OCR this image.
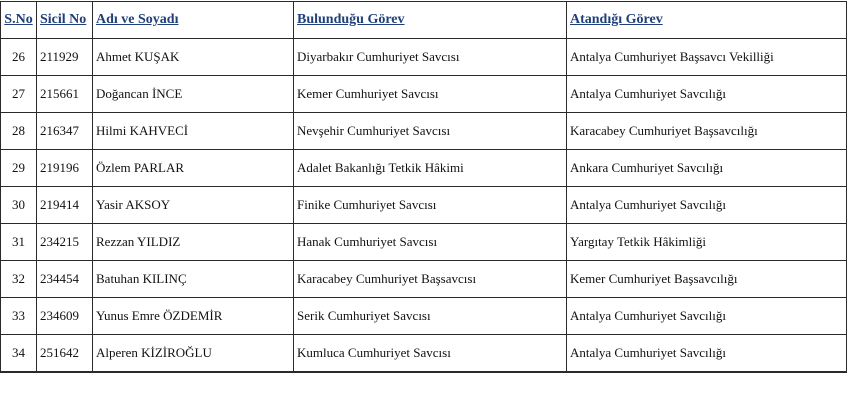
S.No	Sicil No	Adı ve Soyadı	Bulunduğu Görev	Atandığı Görev
26	211929	Ahmet KUŞAK	Diyarbakır Cumhuriyet Savcısı	Antalya Cumhuriyet Başsavcı Vekilliği
27	215661	Doğancan İNCE	Kemer Cumhuriyet Savcısı	Antalya Cumhuriyet Savcılığı
28	216347	Hilmi KAHVECİ	Nevşehir Cumhuriyet Savcısı	Karacabey Cumhuriyet Başsavcılığı
29	219196	Özlem PARLAR	Adalet Bakanlığı Tetkik Hâkimi	Ankara Cumhuriyet Savcılığı
30	219414	Yasir AKSOY	Finike Cumhuriyet Savcısı	Antalya Cumhuriyet Savcılığı
31	234215	Rezzan YILDIZ	Hanak Cumhuriyet Savcısı	Yargıtay Tetkik Hâkimliği
32	234454	Batuhan KILINÇ	Karacabey Cumhuriyet Başsavcısı	Kemer Cumhuriyet Başsavcılığı
33	234609	Yunus Emre ÖZDEMİR	Serik Cumhuriyet Savcısı	Antalya Cumhuriyet Savcılığı
34	251642	Alperen KİZİROĞLU	Kumluca Cumhuriyet Savcısı	Antalya Cumhuriyet Savcılığı
